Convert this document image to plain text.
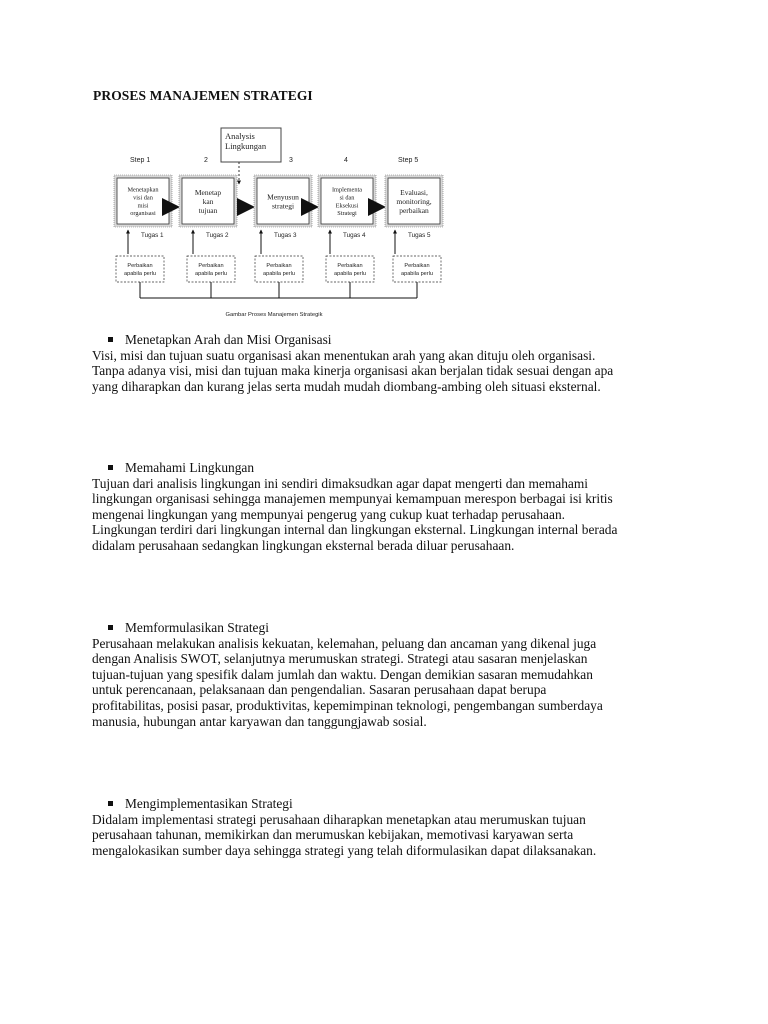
PROSES MANAJEMEN STRATEGI
Analysis
Lingkungan
Step 1	2	3	4	Step 5
Menetapkan
visi dan
misi
organisasi
Menetap
kan
tujuan
Menyusun
strategi
Implementa
si dan
Eksekusi
Strategi
Evaluasi,
monitoring,
perbaikan
Tugas 1	Tugas 2	Tugas 3	Tugas 4	Tugas 5
Perbaikan
apabila perlu
Perbaikan
apabila perlu
Perbaikan
apabila perlu
Perbaikan
apabila perlu
Perbaikan
apabila perlu
Gambar Proses Manajemen Strategik
Menetapkan Arah dan Misi Organisasi
Visi, misi dan tujuan suatu organisasi akan menentukan arah yang akan dituju oleh organisasi.
Tanpa adanya visi, misi dan tujuan maka kinerja organisasi akan berjalan tidak sesuai dengan apa
yang diharapkan dan kurang jelas serta mudah mudah diombang-ambing oleh situasi eksternal.
Memahami Lingkungan
Tujuan dari analisis lingkungan ini sendiri dimaksudkan agar dapat mengerti dan memahami
lingkungan organisasi sehingga manajemen mempunyai kemampuan merespon berbagai isi kritis
mengenai lingkungan yang mempunyai pengerug yang cukup kuat terhadap perusahaan.
Lingkungan terdiri dari lingkungan internal dan lingkungan eksternal. Lingkungan internal berada
didalam perusahaan sedangkan lingkungan eksternal berada diluar perusahaan.
Memformulasikan Strategi
Perusahaan melakukan analisis kekuatan, kelemahan, peluang dan ancaman yang dikenal juga
dengan Analisis SWOT, selanjutnya merumuskan strategi. Strategi atau sasaran menjelaskan
tujuan-tujuan yang spesifik dalam jumlah dan waktu. Dengan demikian sasaran memudahkan
untuk perencanaan, pelaksanaan dan pengendalian. Sasaran perusahaan dapat berupa
profitabilitas, posisi pasar, produktivitas, kepemimpinan teknologi, pengembangan sumberdaya
manusia, hubungan antar karyawan dan tanggungjawab sosial.
Mengimplementasikan Strategi
Didalam implementasi strategi perusahaan diharapkan menetapkan atau merumuskan tujuan
perusahaan tahunan, memikirkan dan merumuskan kebijakan, memotivasi karyawan serta
mengalokasikan sumber daya sehingga strategi yang telah diformulasikan dapat dilaksanakan.
